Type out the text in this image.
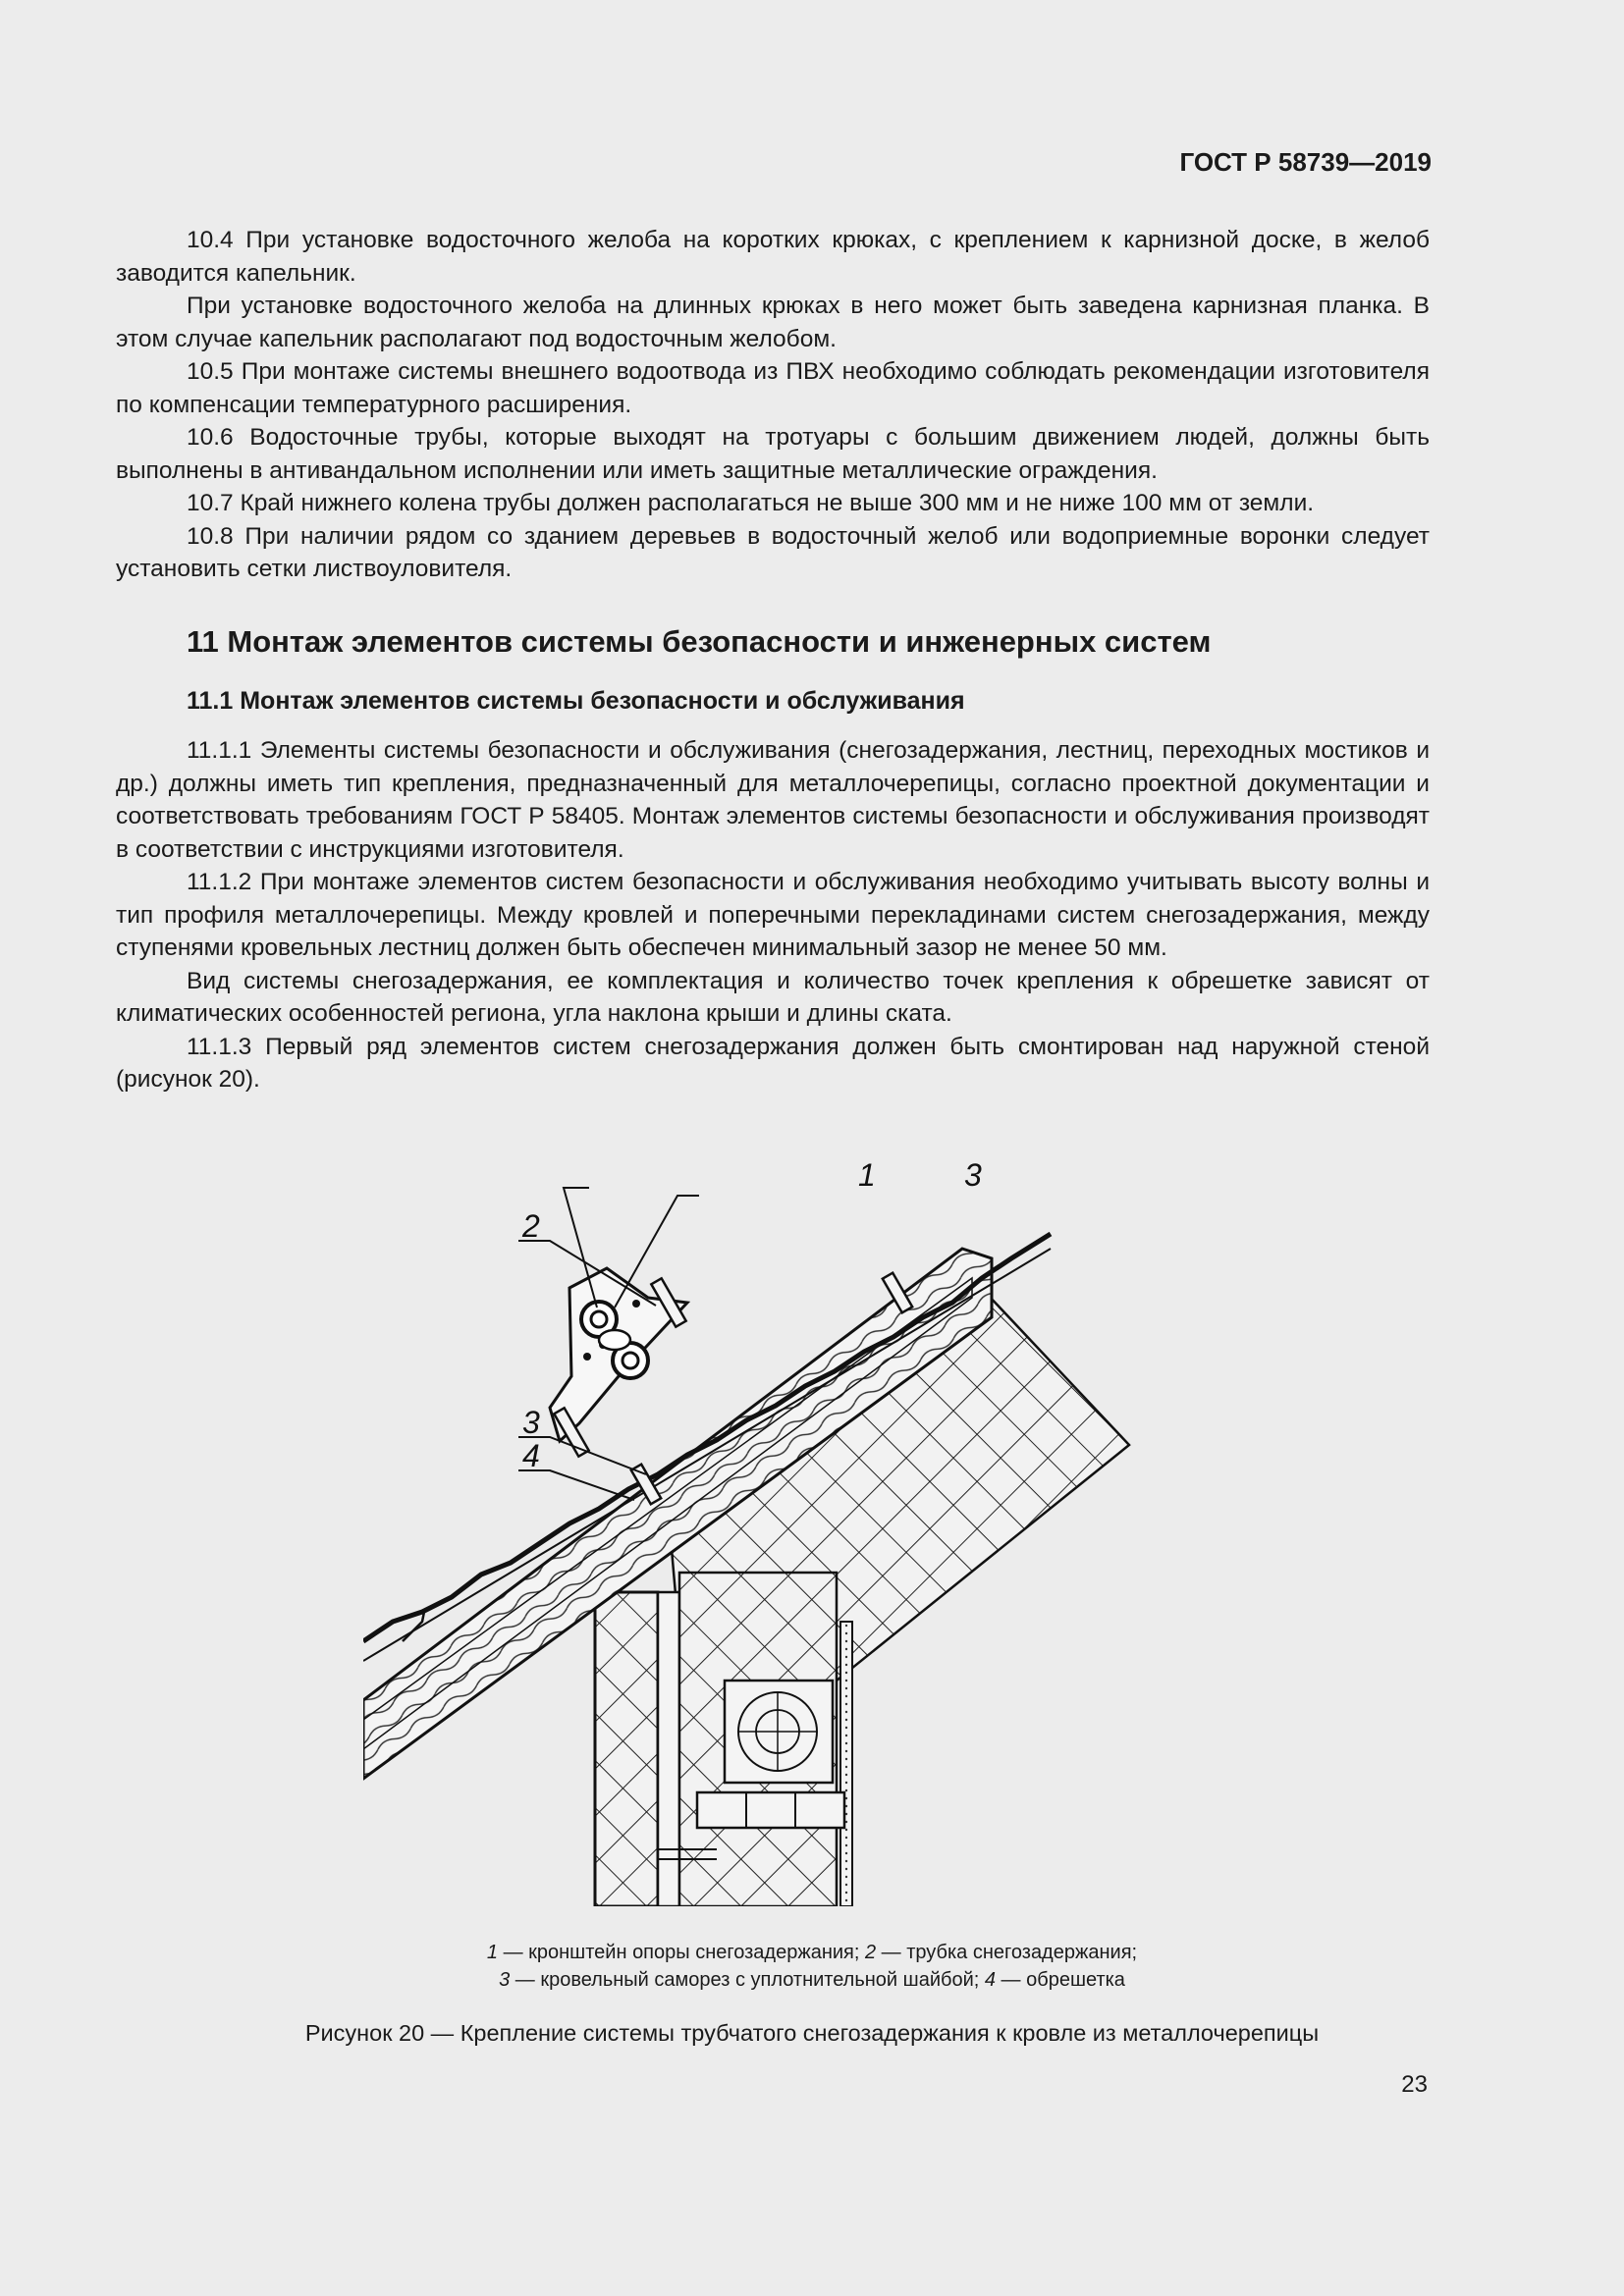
ГОСТ Р 58739—2019

10.4 При установке водосточного желоба на коротких крюках, с креплением к карнизной доске, в желоб заводится капельник.

При установке водосточного желоба на длинных крюках в него может быть заведена карнизная планка. В этом случае капельник располагают под водосточным желобом.

10.5 При монтаже системы внешнего водоотвода из ПВХ необходимо соблюдать рекомендации изготовителя по компенсации температурного расширения.

10.6 Водосточные трубы, которые выходят на тротуары с большим движением людей, должны быть выполнены в антивандальном исполнении или иметь защитные металлические ограждения.

10.7 Край нижнего колена трубы должен располагаться не выше 300 мм и не ниже 100 мм от земли.

10.8 При наличии рядом со зданием деревьев в водосточный желоб или водоприемные воронки следует установить сетки листвоуловителя.

11 Монтаж элементов системы безопасности и инженерных систем
11.1 Монтаж элементов системы безопасности и обслуживания

11.1.1 Элементы системы безопасности и обслуживания (снегозадержания, лестниц, переходных мостиков и др.) должны иметь тип крепления, предназначенный для металлочерепицы, согласно проектной документации и соответствовать требованиям ГОСТ Р 58405. Монтаж элементов системы безопасности и обслуживания производят в соответствии с инструкциями изготовителя.

11.1.2 При монтаже элементов систем безопасности и обслуживания необходимо учитывать высоту волны и тип профиля металлочерепицы. Между кровлей и поперечными перекладинами систем снегозадержания, между ступенями кровельных лестниц должен быть обеспечен минимальный зазор не менее 50 мм.

Вид системы снегозадержания, ее комплектация и количество точек крепления к обрешетке зависят от климатических особенностей региона, угла наклона крыши и длины ската.

11.1.3 Первый ряд элементов систем снегозадержания должен быть смонтирован над наружной стеной (рисунок 20).

1
2
3
3
4
1 — кронштейн опоры снегозадержания; 2 — трубка снегозадержания;
3 — кровельный саморез с уплотнительной шайбой; 4 — обрешетка
Рисунок 20 — Крепление системы трубчатого снегозадержания к кровле из металлочерепицы
23
